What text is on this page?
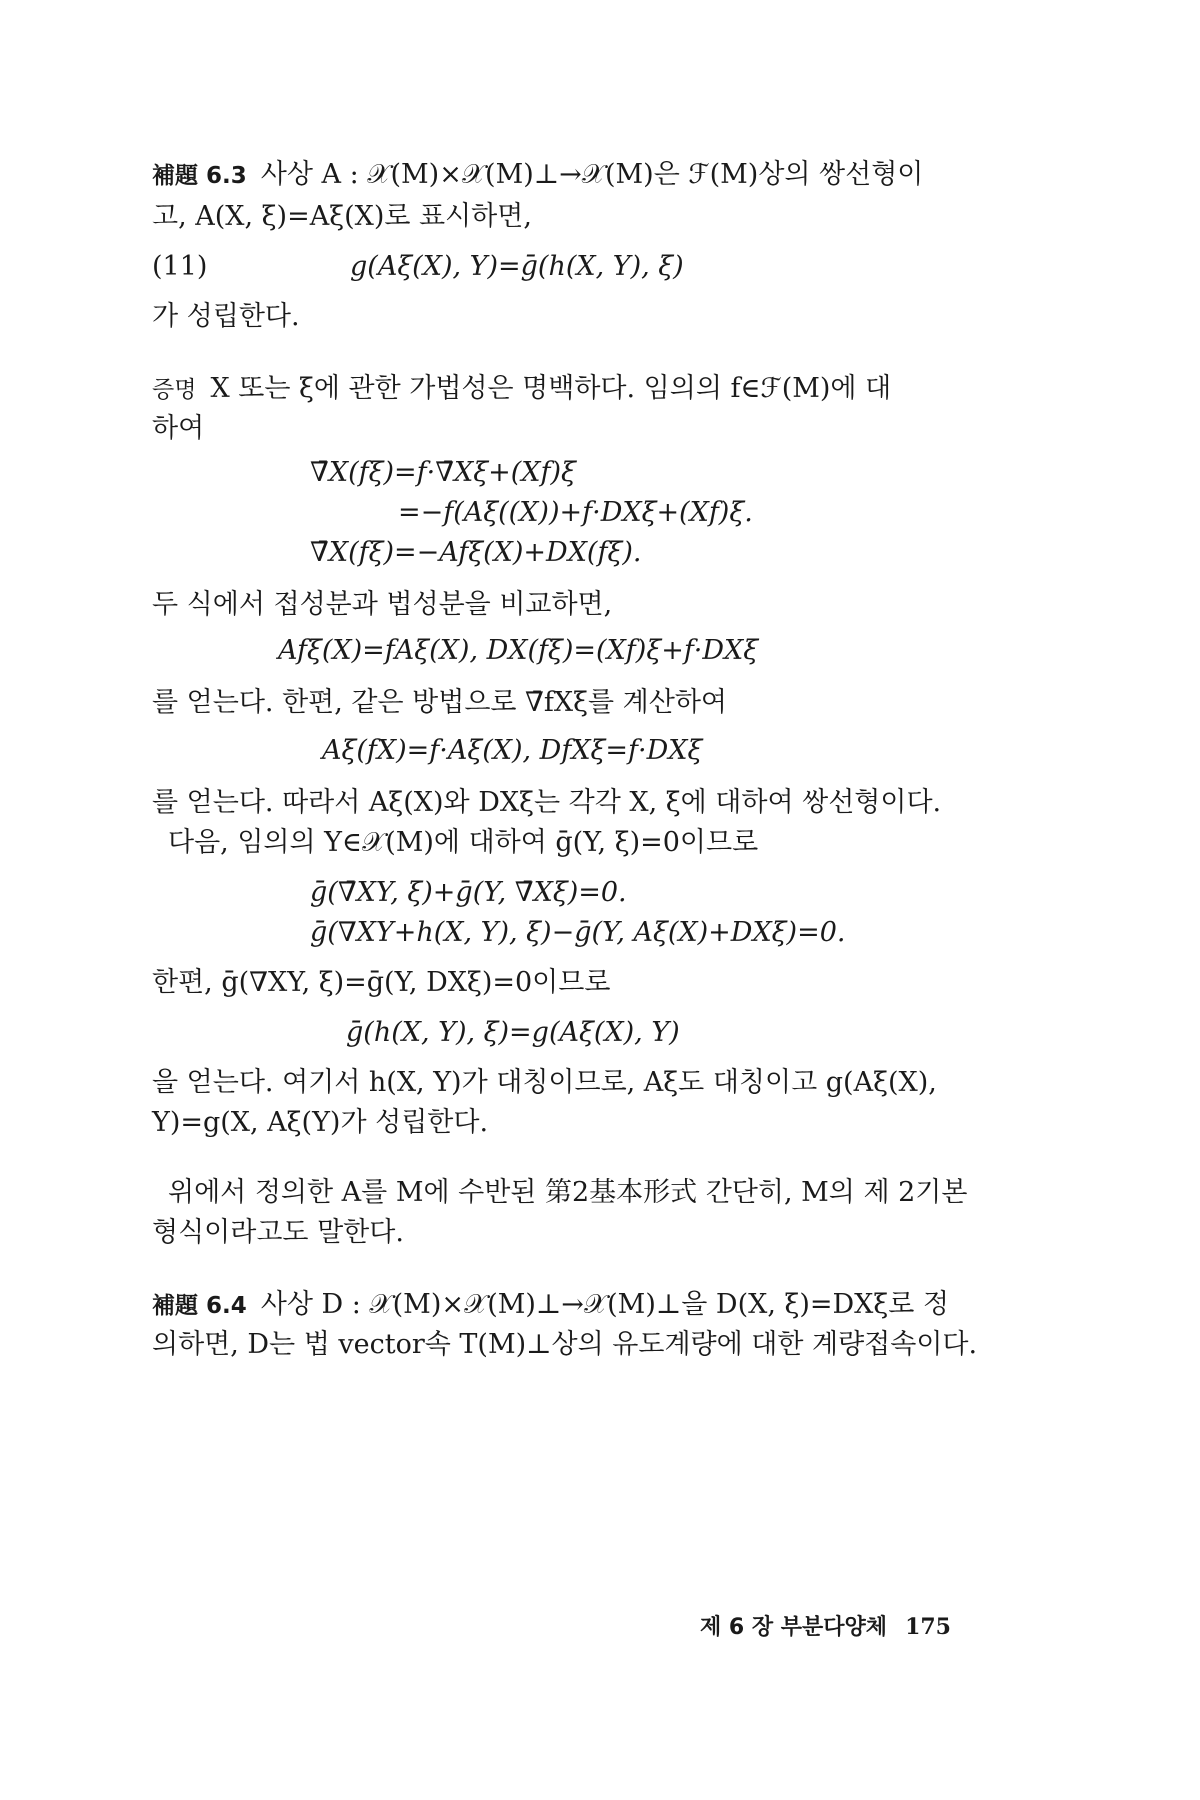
補題 6.3 사상 A : 𝒳(M)×𝒳(M)⊥→𝒳(M)은 ℱ(M)상의 쌍선형이
고, A(X, ξ)=Aξ(X)로 표시하면,
(11)	g(Aξ(X), Y)=ḡ(h(X, Y), ξ)
가 성립한다.
증명 X 또는 ξ에 관한 가법성은 명백하다. 임의의 f∈ℱ(M)에 대
하여
∇̄X(fξ)=f·∇̄Xξ+(Xf)ξ
=−f(Aξ((X))+f·DXξ+(Xf)ξ.
∇̄X(fξ)=−Afξ(X)+DX(fξ).
두 식에서 접성분과 법성분을 비교하면,
Afξ(X)=fAξ(X), DX(fξ)=(Xf)ξ+f·DXξ
를 얻는다. 한편, 같은 방법으로 ∇̄fXξ를 계산하여
Aξ(fX)=f·Aξ(X), DfXξ=f·DXξ
를 얻는다. 따라서 Aξ(X)와 DXξ는 각각 X, ξ에 대하여 쌍선형이다.
다음, 임의의 Y∈𝒳(M)에 대하여 ḡ(Y, ξ)=0이므로
ḡ(∇̄XY, ξ)+ḡ(Y, ∇̄Xξ)=0.
ḡ(∇XY+h(X, Y), ξ)−ḡ(Y, Aξ(X)+DXξ)=0.
한편, ḡ(∇XY, ξ)=ḡ(Y, DXξ)=0이므로
ḡ(h(X, Y), ξ)=g(Aξ(X), Y)
을 얻는다. 여기서 h(X, Y)가 대칭이므로, Aξ도 대칭이고 g(Aξ(X),
Y)=g(X, Aξ(Y)가 성립한다.
위에서 정의한 A를 M에 수반된 第2基本形式 간단히, M의 제 2기본
형식이라고도 말한다.
補題 6.4 사상 D : 𝒳(M)×𝒳(M)⊥→𝒳(M)⊥을 D(X, ξ)=DXξ로 정
의하면, D는 법 vector속 T(M)⊥상의 유도계량에 대한 계량접속이다.
제 6 장 부분다양체 175
